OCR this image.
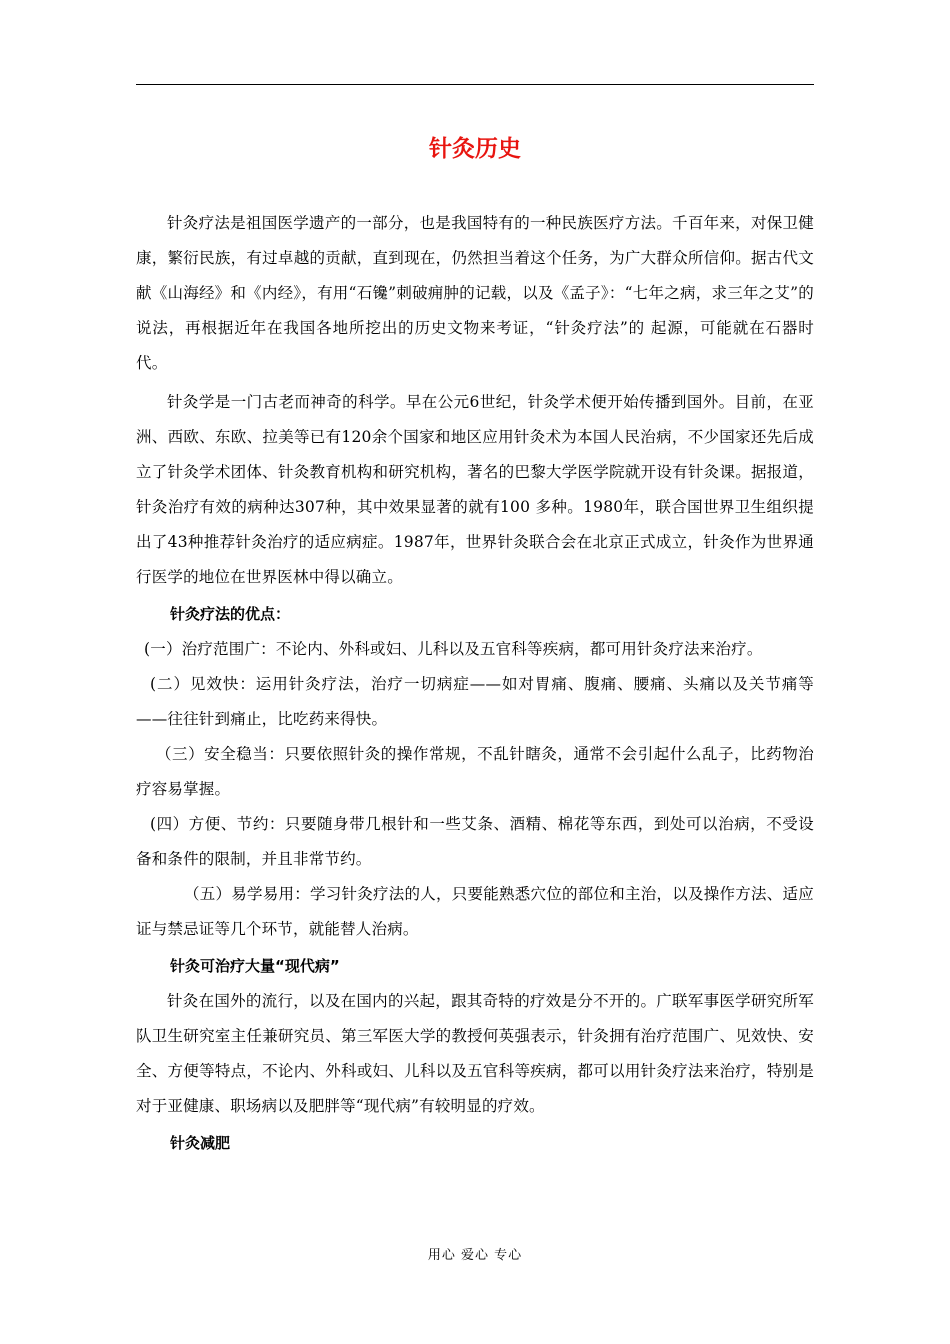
针灸历史

针灸疗法是祖国医学遗产的一部分，也是我国特有的一种民族医疗方法。千百年来，对保卫健康，繁衍民族，有过卓越的贡献，直到现在，仍然担当着这个任务，为广大群众所信仰。据古代文献《山海经》和《内经》，有用“石镵”刺破痈肿的记载，以及《孟子》：“七年之病，求三年之艾”的说法，再根据近年在我国各地所挖出的历史文物来考证，“针灸疗法”的 起源，可能就在石器时代。

针灸学是一门古老而神奇的科学。早在公元6世纪，针灸学术便开始传播到国外。目前，在亚洲、西欧、东欧、拉美等已有120余个国家和地区应用针灸术为本国人民治病，不少国家还先后成立了针灸学术团体、针灸教育机构和研究机构，著名的巴黎大学医学院就开设有针灸课。据报道，针灸治疗有效的病种达307种，其中效果显著的就有100 多种。1980年，联合国世界卫生组织提出了43种推荐针灸治疗的适应病症。1987年，世界针灸联合会在北京正式成立，针灸作为世界通行医学的地位在世界医林中得以确立。

针灸疗法的优点：

(一）治疗范围广：不论内、外科或妇、儿科以及五官科等疾病，都可用针灸疗法来治疗。

(二）见效快：运用针灸疗法，治疗一切病症——如对胃痛、腹痛、腰痛、头痛以及关节痛等——往往针到痛止，比吃药来得快。

（三）安全稳当：只要依照针灸的操作常规，不乱针瞎灸，通常不会引起什么乱子，比药物治疗容易掌握。

(四）方便、节约：只要随身带几根针和一些艾条、酒精、棉花等东西，到处可以治病，不受设备和条件的限制，并且非常节约。

（五）易学易用：学习针灸疗法的人，只要能熟悉穴位的部位和主治，以及操作方法、适应证与禁忌证等几个环节，就能替人治病。

针灸可治疗大量“现代病”

针灸在国外的流行，以及在国内的兴起，跟其奇特的疗效是分不开的。广联军事医学研究所军队卫生研究室主任兼研究员、第三军医大学的教授何英强表示，针灸拥有治疗范围广、见效快、安全、方便等特点，不论内、外科或妇、儿科以及五官科等疾病，都可以用针灸疗法来治疗，特别是对于亚健康、职场病以及肥胖等“现代病”有较明显的疗效。

针灸减肥
用心 爱心 专心
